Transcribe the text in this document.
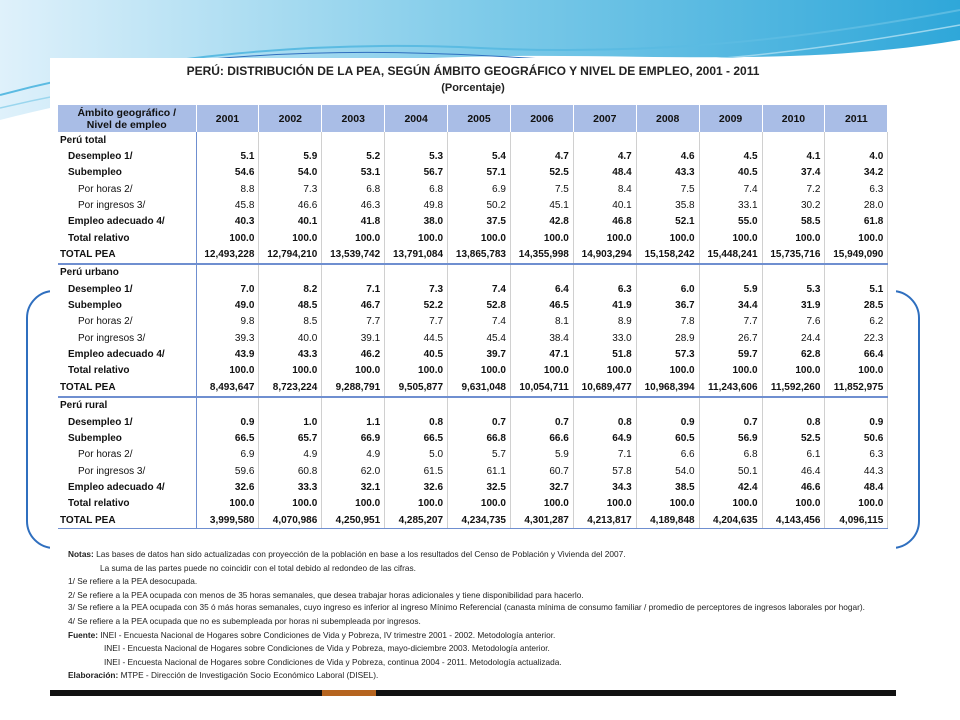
PERÚ: DISTRIBUCIÓN DE LA PEA, SEGÚN ÁMBITO GEOGRÁFICO Y NIVEL DE EMPLEO, 2001 - 2011
(Porcentaje)
Ámbito geográfico /
Nivel de empleo	2001	2002	2003	2004	2005	2006	2007	2008	2009	2010	2011
Perú total											
Desempleo 1/	5.1	5.9	5.2	5.3	5.4	4.7	4.7	4.6	4.5	4.1	4.0
Subempleo	54.6	54.0	53.1	56.7	57.1	52.5	48.4	43.3	40.5	37.4	34.2
Por horas 2/	8.8	7.3	6.8	6.8	6.9	7.5	8.4	7.5	7.4	7.2	6.3
Por ingresos 3/	45.8	46.6	46.3	49.8	50.2	45.1	40.1	35.8	33.1	30.2	28.0
Empleo adecuado 4/	40.3	40.1	41.8	38.0	37.5	42.8	46.8	52.1	55.0	58.5	61.8
Total relativo	100.0	100.0	100.0	100.0	100.0	100.0	100.0	100.0	100.0	100.0	100.0
TOTAL PEA	12,493,228	12,794,210	13,539,742	13,791,084	13,865,783	14,355,998	14,903,294	15,158,242	15,448,241	15,735,716	15,949,090
Perú urbano											
Desempleo 1/	7.0	8.2	7.1	7.3	7.4	6.4	6.3	6.0	5.9	5.3	5.1
Subempleo	49.0	48.5	46.7	52.2	52.8	46.5	41.9	36.7	34.4	31.9	28.5
Por horas 2/	9.8	8.5	7.7	7.7	7.4	8.1	8.9	7.8	7.7	7.6	6.2
Por ingresos 3/	39.3	40.0	39.1	44.5	45.4	38.4	33.0	28.9	26.7	24.4	22.3
Empleo adecuado 4/	43.9	43.3	46.2	40.5	39.7	47.1	51.8	57.3	59.7	62.8	66.4
Total relativo	100.0	100.0	100.0	100.0	100.0	100.0	100.0	100.0	100.0	100.0	100.0
TOTAL PEA	8,493,647	8,723,224	9,288,791	9,505,877	9,631,048	10,054,711	10,689,477	10,968,394	11,243,606	11,592,260	11,852,975
Perú rural											
Desempleo 1/	0.9	1.0	1.1	0.8	0.7	0.7	0.8	0.9	0.7	0.8	0.9
Subempleo	66.5	65.7	66.9	66.5	66.8	66.6	64.9	60.5	56.9	52.5	50.6
Por horas 2/	6.9	4.9	4.9	5.0	5.7	5.9	7.1	6.6	6.8	6.1	6.3
Por ingresos 3/	59.6	60.8	62.0	61.5	61.1	60.7	57.8	54.0	50.1	46.4	44.3
Empleo adecuado 4/	32.6	33.3	32.1	32.6	32.5	32.7	34.3	38.5	42.4	46.6	48.4
Total relativo	100.0	100.0	100.0	100.0	100.0	100.0	100.0	100.0	100.0	100.0	100.0
TOTAL PEA	3,999,580	4,070,986	4,250,951	4,285,207	4,234,735	4,301,287	4,213,817	4,189,848	4,204,635	4,143,456	4,096,115

Notas: Las bases de datos han sido actualizadas con proyección de la población en base a los resultados del Censo de Población y Vivienda del 2007.

La suma de las partes puede no coincidir con el total debido al redondeo de las cifras.

1/ Se refiere a la PEA desocupada.

2/ Se refiere a la PEA ocupada con menos de 35 horas semanales, que desea trabajar horas adicionales y tiene disponibilidad para hacerlo.

3/ Se refiere a la PEA ocupada con 35 ó más horas semanales, cuyo ingreso es inferior al ingreso Mínimo Referencial (canasta mínima de consumo familiar / promedio de perceptores de ingresos laborales por hogar).

4/ Se refiere a la PEA ocupada que no es subempleada por horas ni subempleada por ingresos.

Fuente: INEI - Encuesta Nacional de Hogares sobre Condiciones de Vida y Pobreza, IV trimestre 2001 - 2002. Metodología anterior.

INEI - Encuesta Nacional de Hogares sobre Condiciones de Vida y Pobreza, mayo-diciembre 2003. Metodología anterior.

INEI - Encuesta Nacional de Hogares sobre Condiciones de Vida y Pobreza, continua 2004 - 2011. Metodología actualizada.

Elaboración: MTPE - Dirección de Investigación Socio Económico Laboral (DISEL).
